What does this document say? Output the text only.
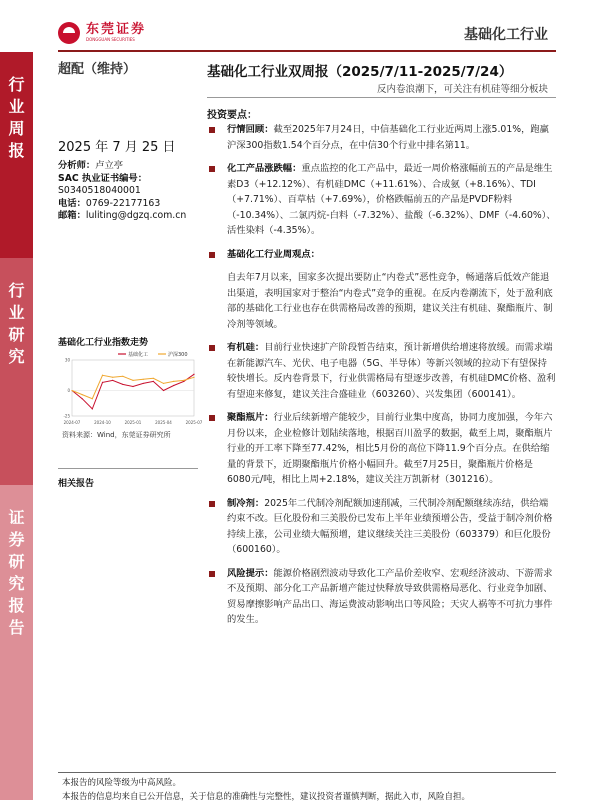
东莞证券
DONGGUAN SECURITIES	基础化工行业
行
业
周
报
行
业
研
究
证
券
研
究
报
告
超配（维持）
2025 年 7 月 25 日
分析师：卢立亭
SAC 执业证书编号：
S0340518040001
电话：0769-22177163
邮箱：luliting@dgzq.com.cn
基础化工行业指数走势
基础化工	沪深300
-25
0
30
2024-07	2024-10	2025-01	2025-04	2025-07
资料来源：Wind，东莞证券研究所
相关报告
基础化工行业双周报（2025/7/11-2025/7/24）
反内卷浪潮下，可关注有机硅等细分板块
投资要点：
行情回顾：截至2025年7月24日，中信基础化工行业近两周上涨5.01%，跑赢沪深300指数1.54个百分点，在中信30个行业中排名第11。
化工产品涨跌幅：重点监控的化工产品中，最近一周价格涨幅前五的产品是维生素D3（+12.12%）、有机硅DMC（+11.61%）、合成氨（+8.16%）、TDI（+7.71%）、百草枯（+7.69%），价格跌幅前五的产品是PVDF粉料（-10.34%）、二氯丙烷-白料（-7.32%）、盐酸（-6.32%）、DMF（-4.60%）、活性染料（-4.35%）。
基础化工行业周观点：
自去年7月以来，国家多次提出要防止“内卷式”恶性竞争，畅通落后低效产能退出渠道，表明国家对于整治“内卷式”竞争的重视。在反内卷潮流下，处于盈利底部的基础化工行业也存在供需格局改善的预期，建议关注有机硅、聚酯瓶片、制冷剂等领域。
有机硅：目前行业快速扩产阶段暂告结束，预计新增供给增速将放缓。而需求端在新能源汽车、光伏、电子电器（5G、半导体）等新兴领域的拉动下有望保持较快增长。反内卷背景下，行业供需格局有望逐步改善，有机硅DMC价格、盈利有望迎来修复，建议关注合盛硅业（603260）、兴发集团（600141）。
聚酯瓶片：行业后续新增产能较少，目前行业集中度高，协同力度加强，今年六月份以来，企业检修计划陆续落地，根据百川盈孚的数据，截至上周，聚酯瓶片行业的开工率下降至77.42%，相比5月份的高位下降11.9个百分点。在供给缩量的背景下，近期聚酯瓶片价格小幅回升。截至7月25日，聚酯瓶片价格是6080元/吨，相比上周+2.18%，建议关注万凯新材（301216）。
制冷剂：2025年二代制冷剂配额加速削减，三代制冷剂配额继续冻结，供给端约束不改。巨化股份和三美股份已发布上半年业绩预增公告，受益于制冷剂价格持续上涨，公司业绩大幅预增，建议继续关注三美股份（603379）和巨化股份（600160）。
风险提示：能源价格剧烈波动导致化工产品价差收窄、宏观经济波动、下游需求不及预期、部分化工产品新增产能过快释放导致供需格局恶化、行业竞争加剧、贸易摩擦影响产品出口、海运费波动影响出口等风险；天灾人祸等不可抗力事件的发生。
本报告的风险等级为中高风险。
本报告的信息均来自已公开信息，关于信息的准确性与完整性，建议投资者谨慎判断，据此入市，风险自担。
